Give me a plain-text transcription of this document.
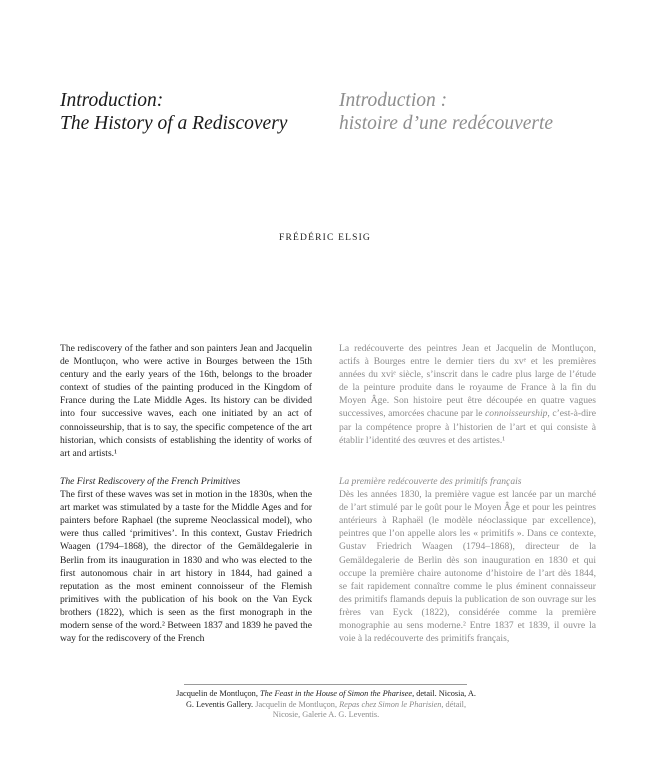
Introduction:
The History of a Rediscovery
Introduction :
histoire d’une redécouverte
FRÉDÉRIC ELSIG

The rediscovery of the father and son painters Jean and Jacquelin de Montluçon, who were active in Bourges between the 15th century and the early years of the 16th, belongs to the broader context of studies of the painting produced in the Kingdom of France during the Late Middle Ages. Its history can be divided into four successive waves, each one initiated by an act of connoisseurship, that is to say, the specific competence of the art historian, which consists of establishing the identity of works of art and artists.¹

La redécouverte des peintres Jean et Jacquelin de Montluçon, actifs à Bourges entre le dernier tiers du xvᵉ et les premières années du xviᵉ siècle, s’inscrit dans le cadre plus large de l’étude de la peinture produite dans le royaume de France à la fin du Moyen Âge. Son histoire peut être découpée en quatre vagues successives, amorcées chacune par le connoisseurship, c’est-à-dire par la compétence propre à l’historien de l’art et qui consiste à établir l’identité des œuvres et des artistes.¹

The First Rediscovery of the French Primitives

The first of these waves was set in motion in the 1830s, when the art market was stimulated by a taste for the Middle Ages and for painters before Raphael (the supreme Neoclassical model), who were thus called ‘primitives’. In this context, Gustav Friedrich Waagen (1794–1868), the director of the Gemäldegalerie in Berlin from its inauguration in 1830 and who was elected to the first autonomous chair in art history in 1844, had gained a reputation as the most eminent connoisseur of the Flemish primitives with the publication of his book on the Van Eyck brothers (1822), which is seen as the first monograph in the modern sense of the word.² Between 1837 and 1839 he paved the way for the rediscovery of the French

La première redécouverte des primitifs français

Dès les années 1830, la première vague est lancée par un marché de l’art stimulé par le goût pour le Moyen Âge et pour les peintres antérieurs à Raphaël (le modèle néoclassique par excellence), peintres que l’on appelle alors les « primitifs ». Dans ce contexte, Gustav Friedrich Waagen (1794–1868), directeur de la Gemäldegalerie de Berlin dès son inauguration en 1830 et qui occupe la première chaire autonome d’histoire de l’art dès 1844, se fait rapidement connaître comme le plus éminent connaisseur des primitifs flamands depuis la publication de son ouvrage sur les frères van Eyck (1822), considérée comme la première monographie au sens moderne.² Entre 1837 et 1839, il ouvre la voie à la redécouverte des primitifs français,

Jacquelin de Montluçon, The Feast in the House of Simon the Pharisee, detail. Nicosia, A. G. Leventis Gallery. Jacquelin de Montluçon, Repas chez Simon le Pharisien, détail, Nicosie, Galerie A. G. Leventis.
